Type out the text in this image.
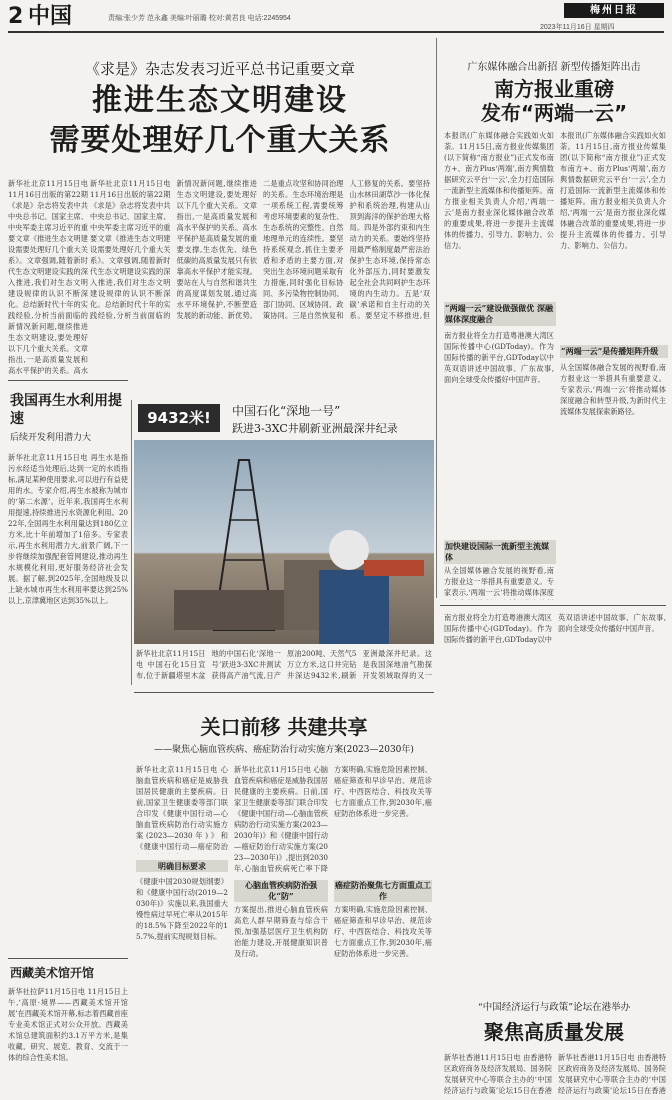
2 中国	责编:张少芳 范永鑫 美编:叶丽璐 校对:黄君良 电话:2245954
梅州日报
2023年11月16日 星期四
《求是》杂志发表习近平总书记重要文章
推进生态文明建设
需要处理好几个重大关系
新华社北京11月15日电 11月16日出版的第22期《求是》杂志将发表中共中央总书记、国家主席、中央军委主席习近平的重要文章《推进生态文明建设需要处理好几个重大关系》。文章强调,随着新时代生态文明建设实践的深入推进,我们对生态文明建设规律的认识不断深化。总结新时代十年的实践经验,分析当前面临的新情况新问题,继续推进生态文明建设,要处理好以下几个重大关系。文章指出,一是高质量发展和高水平保护的关系。高水
新华社北京11月15日电 11月16日出版的第22期《求是》杂志将发表中共中央总书记、国家主席、中央军委主席习近平的重要文章《推进生态文明建设需要处理好几个重大关系》。文章强调,随着新时代生态文明建设实践的深入推进,我们对生态文明建设规律的认识不断深化。总结新时代十年的实践经验,分析当前面临的新情况新问题,继续推进生态文明建设,要处理好以下几个重大关系。文章指出,一是高质量发展和高水平保护的关系。高水平保护是高质量发展的重要支撑,生态优先、绿色低碳的高质量发展只有依靠高水平保护才能实现。要站在人与自然和谐共生的高度谋划发展,通过高水平环境保护,不断塑造发展的新动能、新优势。二是重点攻坚和协同治理的关系。生态环境治理是一项系统工程,需要统筹考虑环境要素的复杂性、生态系统的完整性、自然地理单元的连续性。要坚持系统观念,抓住主要矛盾和矛盾的主要方面,对突出生态环境问题采取有力措施,同时强化目标协同、多污染物控制协同、部门协同、区域协同、政策协同。三是自然恢复和人工修复的关系。要坚持山水林田湖草沙一体化保护和系统治理,构建从山顶到海洋的保护治理大格局。四是外部约束和内生动力的关系。要始终坚持用最严格制度最严密法治保护生态环境,保持常态化外部压力,同时要激发起全社会共同呵护生态环境的内生动力。五是‘双碳’承诺和自主行动的关系。要坚定不移推进,但
广东媒体融合出新招 新型传播矩阵出击
南方报业重磅
发布“两端一云”
本报讯(广东媒体融合实践如火如荼。11月15日,南方报业传媒集团(以下简称“南方报业”)正式发布南方+、南方Plus‘两端’,南方舆情数据研究云平台‘一云’,全力打造国际一流新型主流媒体和传播矩阵。南方报业相关负责人介绍,‘两端一云’是南方报业深化媒体融合改革的重要成果,将进一步提升主流媒体的传播力、引导力、影响力、公信力。
本报讯(广东媒体融合实践如火如荼。11月15日,南方报业传媒集团(以下简称“南方报业”)正式发布南方+、南方Plus‘两端’,南方舆情数据研究云平台‘一云’,全力打造国际一流新型主流媒体和传播矩阵。南方报业相关负责人介绍,‘两端一云’是南方报业深化媒体融合改革的重要成果,将进一步提升主流媒体的传播力、引导力、影响力、公信力。
“两端一云”建设做强做优 深融媒体深度融合
南方报业将全力打造粤港澳大湾区国际传播中心(GDToday)。作为国际传播的新平台,GDToday以中英双语讲述中国故事、广东故事,面向全球受众传播好中国声音。
“两端一云”是传播矩阵升级
从全国媒体融合发展的视野看,南方报业这一举措具有重要意义。专家表示,‘两端一云’将推动媒体深度融合和转型升级,为新时代主流媒体发展探索新路径。
加快建设国际一流新型主流媒体
从全国媒体融合发展的视野看,南方报业这一举措具有重要意义。专家表示,‘两端一云’将推动媒体深度
我国再生水利用提速
后续开发利用潜力大
新华社北京11月15日电 再生水是指污水经适当处理后,达到一定的水质指标,满足某种使用要求,可以进行有益使用的水。专家介绍,再生水被称为城市的‘第二水源’。近年来,我国再生水利用提速,持续推进污水资源化利用。2022年,全国再生水利用量达到180亿立方米,比十年前增加了1倍多。专家表示,再生水利用潜力大,前景广阔,下一步将继续加强配套管网建设,推动再生水规模化利用,更好服务经济社会发展。据了解,到2025年,全国地级及以上缺水城市再生水利用率要达到25%以上,京津冀地区达到35%以上。
西藏美术馆开馆
新华社拉萨11月15日电 11月15日上午,‘高原·境界——西藏美术馆开馆展’在西藏美术馆开幕,标志着西藏首座专业美术馆正式对公众开放。西藏美术馆总建筑面积约3.1万平方米,是集收藏、研究、展览、教育、交流于一体的综合性美术馆。
9432米!	中国石化“深地一号”
跃进3-3XC井刷新亚洲最深井纪录
新华社北京11月15日电 中国石化15日宣布,位于新疆塔里木盆地的中国石化‘深地一号’跃进3-3XC井测试获得高产油气流,日产原油200吨、天然气5万立方米,这口井完钻井深达9432米,刷新亚洲最深井纪录。这是我国深地油气勘探开发领域取得的又一
关口前移 共建共享
——聚焦心脑血管疾病、癌症防治行动实施方案(2023—2030年)
新华社北京11月15日电 心脑血管疾病和癌症是威胁我国居民健康的主要疾病。日前,国家卫生健康委等部门联合印发《健康中国行动—心脑血管疾病防治行动实施方案(2023—2030年)》和《健康中国行动—癌症防治
明确目标要求
《健康中国2030规划纲要》和《健康中国行动(2019—2030年)》实施以来,我国重大慢性病过早死亡率从2015年的18.5%下降至2022年的15.7%,提前实现规划目标。
新华社北京11月15日电 心脑血管疾病和癌症是威胁我国居民健康的主要疾病。日前,国家卫生健康委等部门联合印发《健康中国行动—心脑血管疾病防治行动实施方案(2023—2030年)》和《健康中国行动—癌症防治行动实施方案(2023—2030年)》,提出到2030年,心脑血管疾病死亡率下降
心脑血管疾病防治强化“防”
方案提出,推进心脑血管疾病高危人群早期筛查与综合干预,加强基层医疗卫生机构防治能力建设,开展健康知识普及行动。
方案明确,实施危险因素控制、癌症筛查和早诊早治、规范诊疗、中西医结合、科技攻关等七方面重点工作,到2030年,癌症防治体系进一步完善。
癌症防治聚焦七方面重点工作
方案明确,实施危险因素控制、癌症筛查和早诊早治、规范诊疗、中西医结合、科技攻关等七方面重点工作,到2030年,癌症防治体系进一步完善。
“中国经济运行与政策”论坛在港举办
聚焦高质量发展
新华社香港11月15日电 由香港特区政府商务及经济发展局、国务院发展研究中心等联合主办的‘中国经济运行与政策’论坛15日在香港
新华社香港11月15日电 由香港特区政府商务及经济发展局、国务院发展研究中心等联合主办的‘中国经济运行与政策’论坛15日在香港
南方报业将全力打造粤港澳大湾区国际传播中心(GDToday)。作为国际传播的新平台,GDToday以中英双语讲述中国故事、广东故事,面向全球受众传播好中国声音。
